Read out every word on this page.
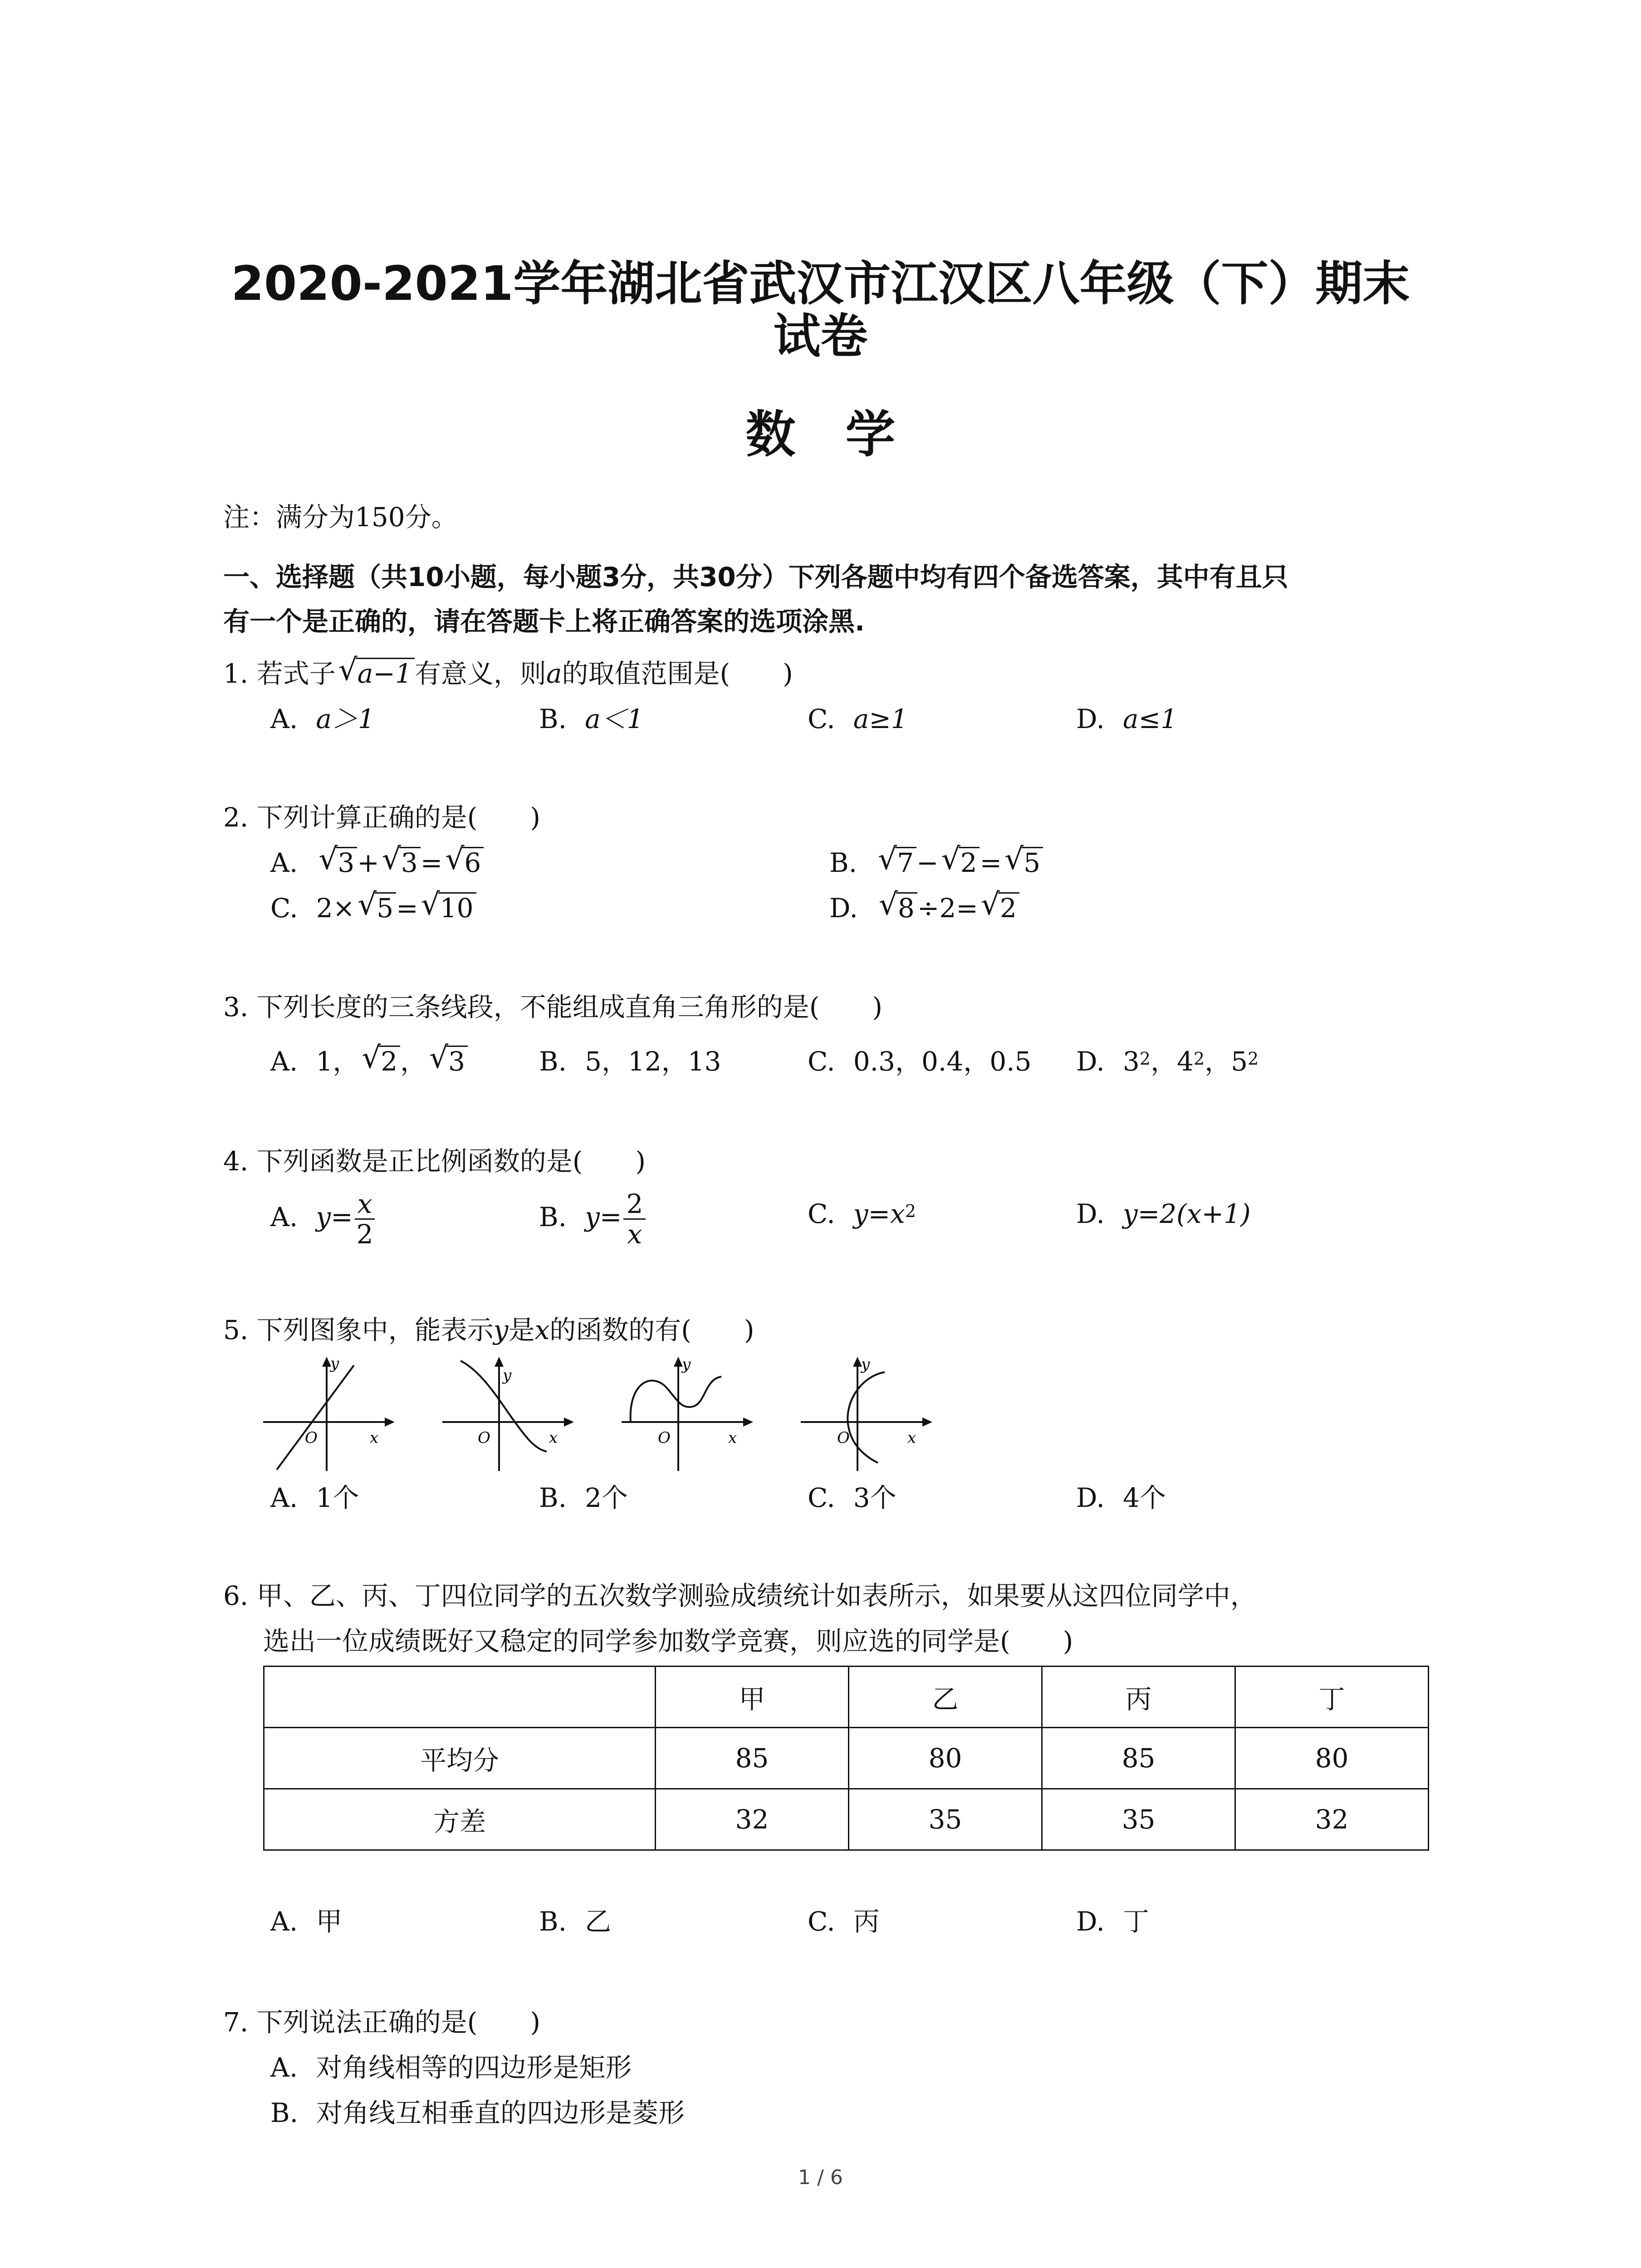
2020-2021学年湖北省武汉市江汉区八年级（下）期末
试卷
数学
注：满分为150分。
一、选择题（共10小题，每小题3分，共30分）下列各题中均有四个备选答案，其中有且只
有一个是正确的，请在答题卡上将正确答案的选项涂黑.
1. 若式子 √ a−1 有意义，则a的取值范围是(　　)
A. a＞1	B. a＜1	C. a≥1	D. a≤1
2. 下列计算正确的是(　　)
A. √ 3 + √ 3 = √ 6	B. √ 7 − √ 2 = √ 5
C. 2× √ 5 = √ 10	D. √ 8 ÷2= √ 2
3. 下列长度的三条线段，不能组成直角三角形的是(　　)
A. 1， √ 2 ， √ 3	B. 5，12，13	C. 0.3，0.4，0.5 D. $3^2$，$4^2$，$5^2$
4. 下列函数是正比例函数的是(　　)
A. $y= \frac{x}{2}$	B. $y= \frac{2}{x}$	C. $y=x^2$	D. y=2(x+1)
5. 下列图象中，能表示y是x的函数的有(　　)
y
x
O
y
x
O
y
x
O
y
x
O
A. 1个	B. 2个	C. 3个	D. 4个
6. 甲、乙、丙、丁四位同学的五次数学测验成绩统计如表所示，如果要从这四位同学中，
选出一位成绩既好又稳定的同学参加数学竞赛，则应选的同学是(　　)
	甲	乙	丙	丁
平均分	85	80	85	80
方差	32	35	35	32
A. 甲	B. 乙	C. 丙	D. 丁
7. 下列说法正确的是(　　)
A. 对角线相等的四边形是矩形
B. 对角线互相垂直的四边形是菱形
1 / 6
